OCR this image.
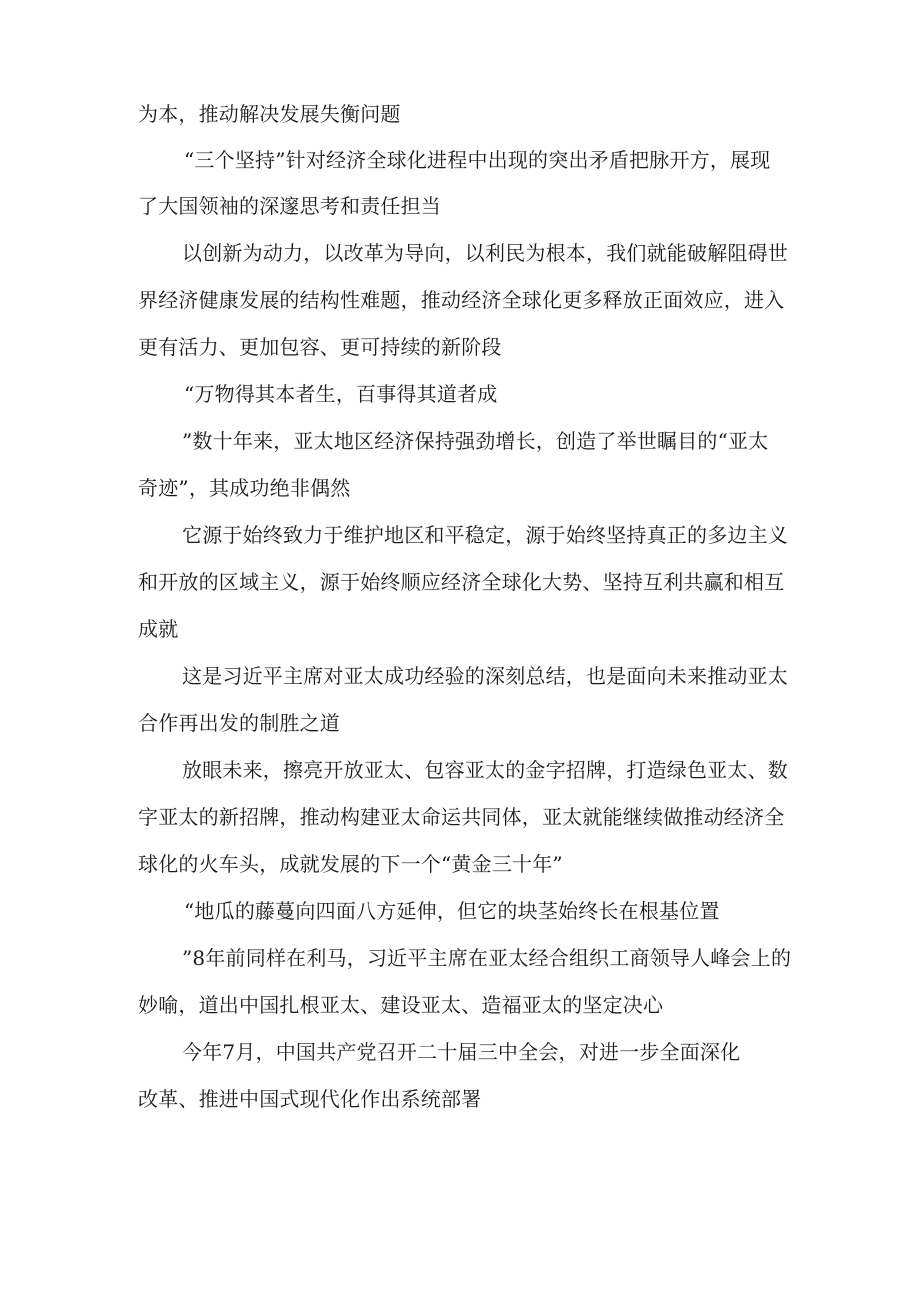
为本，推动解决发展失衡问题
“三个坚持”针对经济全球化进程中出现的突出矛盾把脉开方，展现
了大国领袖的深邃思考和责任担当
以创新为动力，以改革为导向，以利民为根本，我们就能破解阻碍世
界经济健康发展的结构性难题，推动经济全球化更多释放正面效应，进入
更有活力、更加包容、更可持续的新阶段
“万物得其本者生，百事得其道者成
”数十年来，亚太地区经济保持强劲增长，创造了举世瞩目的“亚太
奇迹”，其成功绝非偶然
它源于始终致力于维护地区和平稳定，源于始终坚持真正的多边主义
和开放的区域主义，源于始终顺应经济全球化大势、坚持互利共赢和相互
成就
这是习近平主席对亚太成功经验的深刻总结，也是面向未来推动亚太
合作再出发的制胜之道
放眼未来，擦亮开放亚太、包容亚太的金字招牌，打造绿色亚太、数
字亚太的新招牌，推动构建亚太命运共同体，亚太就能继续做推动经济全
球化的火车头，成就发展的下一个“黄金三十年”
“地瓜的藤蔓向四面八方延伸，但它的块茎始终长在根基位置
”8年前同样在利马，习近平主席在亚太经合组织工商领导人峰会上的
妙喻，道出中国扎根亚太、建设亚太、造福亚太的坚定决心
今年7月，中国共产党召开二十届三中全会，对进一步全面深化
改革、推进中国式现代化作出系统部署
